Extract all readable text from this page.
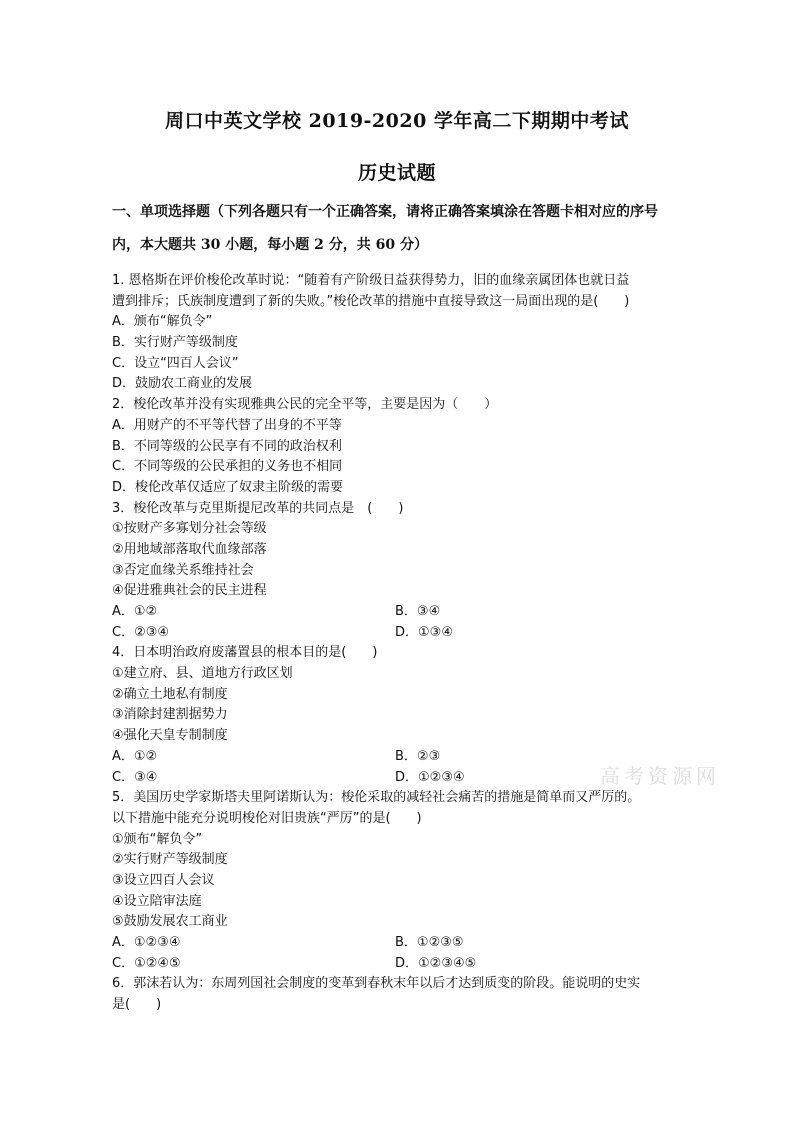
周口中英文学校 2019-2020 学年高二下期期中考试
历史试题
一、单项选择题（下列各题只有一个正确答案，请将正确答案填涂在答题卡相对应的序号
内，本大题共 30 小题，每小题 2 分，共 60 分）
1. 恩格斯在评价梭伦改革时说：“随着有产阶级日益获得势力，旧的血缘亲属团体也就日益
遭到排斥；氏族制度遭到了新的失败。”梭伦改革的措施中直接导致这一局面出现的是(　　)
A．颁布“解负令”
B．实行财产等级制度
C．设立“四百人会议”
D．鼓励农工商业的发展
2．梭伦改革并没有实现雅典公民的完全平等，主要是因为（　　）
A．用财产的不平等代替了出身的不平等
B．不同等级的公民享有不同的政治权利
C．不同等级的公民承担的义务也不相同
D．梭伦改革仅适应了奴隶主阶级的需要
3．梭伦改革与克里斯提尼改革的共同点是　(　　)
①按财产多寡划分社会等级
②用地域部落取代血缘部落
③否定血缘关系维持社会
④促进雅典社会的民主进程
A．①②	B．③④
C．②③④	D．①③④
4．日本明治政府废藩置县的根本目的是(　　)
①建立府、县、道地方行政区划
②确立土地私有制度
③消除封建割据势力
④强化天皇专制制度
A．①②	B．②③
C．③④	D．①②③④
5．美国历史学家斯塔夫里阿诺斯认为：梭伦采取的减轻社会痛苦的措施是简单而又严厉的。
以下措施中能充分说明梭伦对旧贵族“严厉”的是(　　)
①颁布“解负令”
②实行财产等级制度
③设立四百人会议
④设立陪审法庭
⑤鼓励发展农工商业
A．①②③④	B．①②③⑤
C．①②④⑤	D．①②③④⑤
6．郭沫若认为：东周列国社会制度的变革到春秋末年以后才达到质变的阶段。能说明的史实
是(　　)
高考资源网
